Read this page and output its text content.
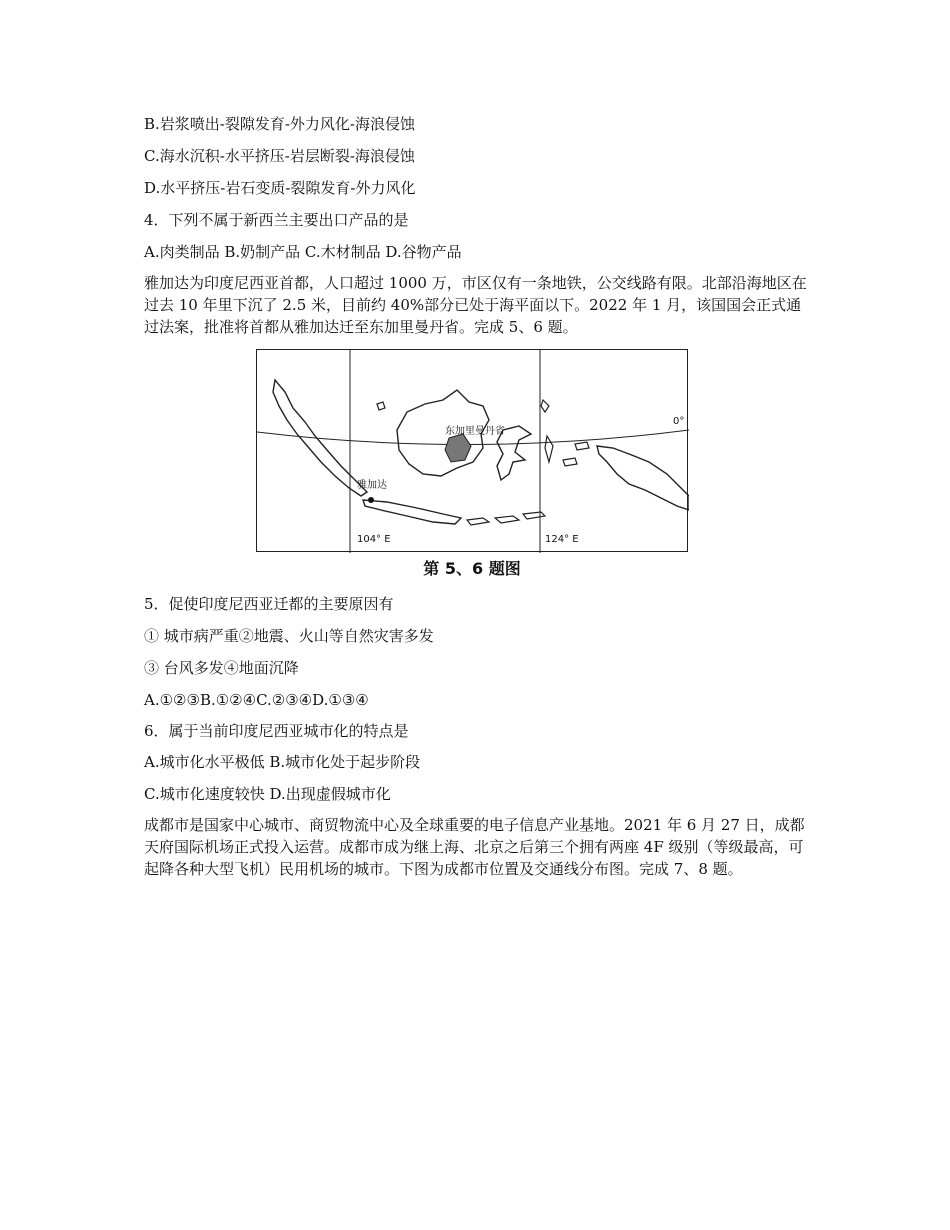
B.岩浆喷出-裂隙发育-外力风化-海浪侵蚀
C.海水沉积-水平挤压-岩层断裂-海浪侵蚀
D.水平挤压-岩石变质-裂隙发育-外力风化
4．下列不属于新西兰主要出口产品的是
A.肉类制品 B.奶制产品 C.木材制品 D.谷物产品
雅加达为印度尼西亚首都，人口超过 1000 万，市区仅有一条地铁，公交线路有限。北部沿海地区在过去 10 年里下沉了 2.5 米，目前约 40%部分已处于海平面以下。2022 年 1 月，该国国会正式通过法案，批准将首都从雅加达迁至东加里曼丹省。完成 5、6 题。
东加里曼丹省
雅加达
0°
104° E	124° E
第 5、6 题图
5．促使印度尼西亚迁都的主要原因有
① 城市病严重②地震、火山等自然灾害多发
③ 台风多发④地面沉降
A.①②③B.①②④C.②③④D.①③④
6．属于当前印度尼西亚城市化的特点是
A.城市化水平极低 B.城市化处于起步阶段
C.城市化速度较快 D.出现虚假城市化
成都市是国家中心城市、商贸物流中心及全球重要的电子信息产业基地。2021 年 6 月 27 日，成都天府国际机场正式投入运营。成都市成为继上海、北京之后第三个拥有两座 4F 级别（等级最高，可起降各种大型飞机）民用机场的城市。下图为成都市位置及交通线分布图。完成 7、8 题。
